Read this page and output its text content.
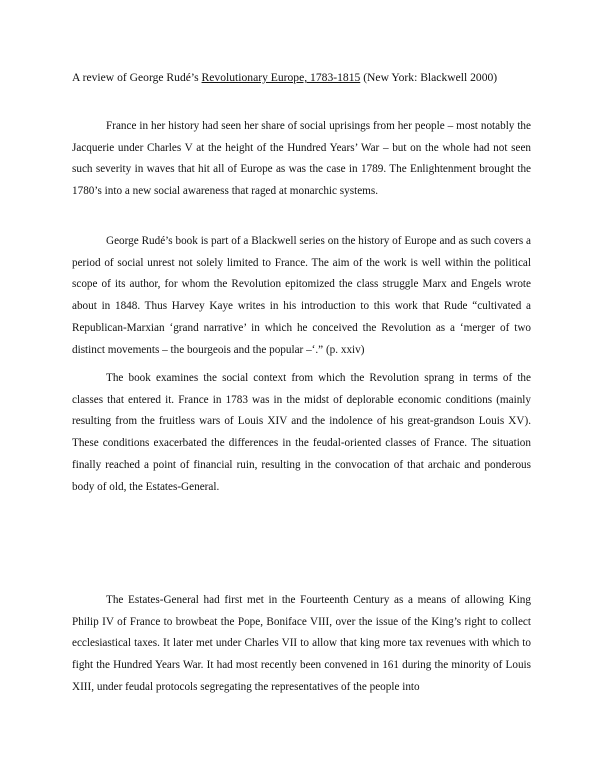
A review of George Rudé’s Revolutionary Europe, 1783-1815 (New York: Blackwell 2000)

France in her history had seen her share of social uprisings from her people – most notably the Jacquerie under Charles V at the height of the Hundred Years’ War – but on the whole had not seen such severity in waves that hit all of Europe as was the case in 1789. The Enlightenment brought the 1780’s into a new social awareness that raged at monarchic systems.

George Rudé’s book is part of a Blackwell series on the history of Europe and as such covers a period of social unrest not solely limited to France. The aim of the work is well within the political scope of its author, for whom the Revolution epitomized the class struggle Marx and Engels wrote about in 1848. Thus Harvey Kaye writes in his introduction to this work that Rude “cultivated a Republican-Marxian ‘grand narrative’ in which he conceived the Revolution as a ‘merger of two distinct movements – the bourgeois and the popular –‘.” (p. xxiv)

The book examines the social context from which the Revolution sprang in terms of the classes that entered it. France in 1783 was in the midst of deplorable economic conditions (mainly resulting from the fruitless wars of Louis XIV and the indolence of his great-grandson Louis XV). These conditions exacerbated the differences in the feudal-oriented classes of France. The situation finally reached a point of financial ruin, resulting in the convocation of that archaic and ponderous body of old, the Estates-General.

The Estates-General had first met in the Fourteenth Century as a means of allowing King Philip IV of France to browbeat the Pope, Boniface VIII, over the issue of the King’s right to collect ecclesiastical taxes. It later met under Charles VII to allow that king more tax revenues with which to fight the Hundred Years War. It had most recently been convened in 161 during the minority of Louis XIII, under feudal protocols segregating the representatives of the people into
